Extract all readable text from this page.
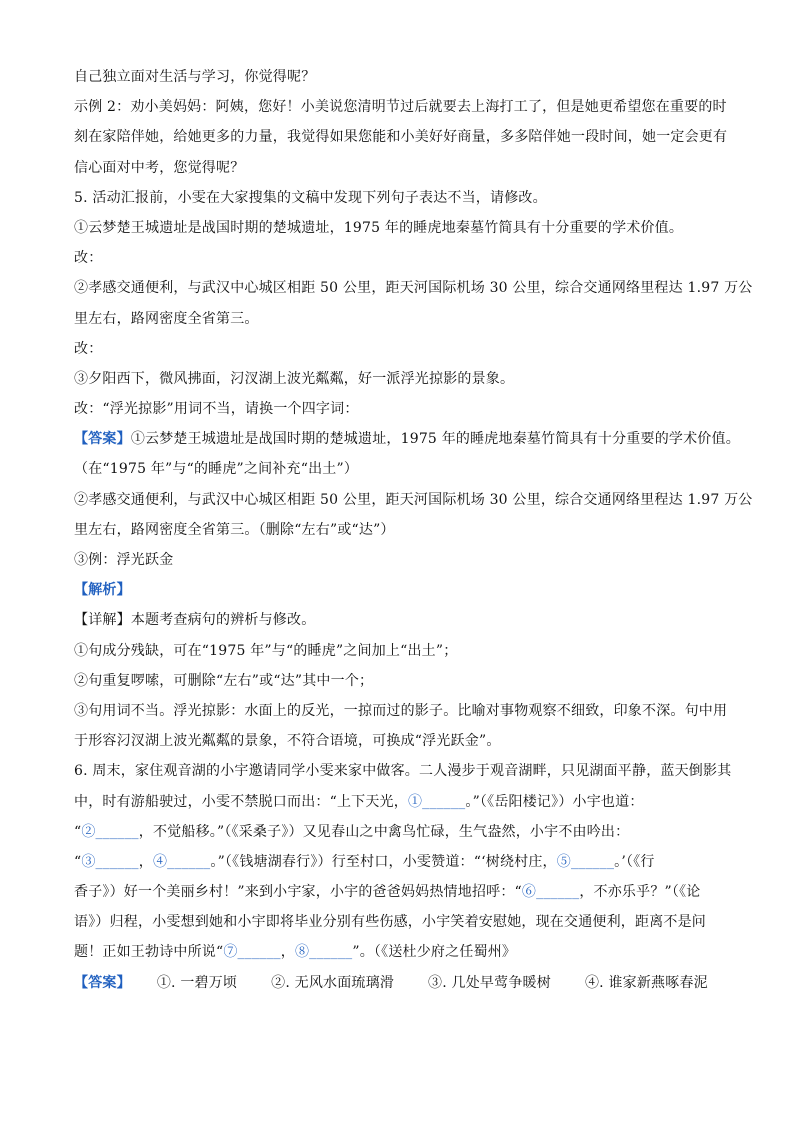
自己独立面对生活与学习，你觉得呢？
示例 2：劝小美妈妈：阿姨，您好！小美说您清明节过后就要去上海打工了，但是她更希望您在重要的时
刻在家陪伴她，给她更多的力量，我觉得如果您能和小美好好商量，多多陪伴她一段时间，她一定会更有
信心面对中考，您觉得呢？
5. 活动汇报前，小雯在大家搜集的文稿中发现下列句子表达不当，请修改。
①云梦楚王城遗址是战国时期的楚城遗址，1975 年的睡虎地秦墓竹简具有十分重要的学术价值。
改：
②孝感交通便利，与武汉中心城区相距 50 公里，距天河国际机场 30 公里，综合交通网络里程达 1.97 万公
里左右，路网密度全省第三。
改：
③夕阳西下，微风拂面，汈汊湖上波光粼粼，好一派浮光掠影的景象。
改：“浮光掠影”用词不当，请换一个四字词：
【答案】①云梦楚王城遗址是战国时期的楚城遗址，1975 年的睡虎地秦墓竹简具有十分重要的学术价值。
（在“1975 年”与“的睡虎”之间补充“出土”）
②孝感交通便利，与武汉中心城区相距 50 公里，距天河国际机场 30 公里，综合交通网络里程达 1.97 万公
里左右，路网密度全省第三。（删除“左右”或“达”）
③例：浮光跃金
【解析】
【详解】本题考查病句的辨析与修改。
①句成分残缺，可在“1975 年”与“的睡虎”之间加上“出土”；
②句重复啰嗦，可删除“左右”或“达”其中一个；
③句用词不当。浮光掠影：水面上的反光，一掠而过的影子。比喻对事物观察不细致，印象不深。句中用
于形容汈汊湖上波光粼粼的景象，不符合语境，可换成“浮光跃金”。
6. 周末，家住观音湖的小宇邀请同学小雯来家中做客。二人漫步于观音湖畔，只见湖面平静，蓝天倒影其
中，时有游船驶过，小雯不禁脱口而出：“上下天光，①______。”（《岳阳楼记》）小宇也道：
“②______，不觉船移。”（《采桑子》）又见春山之中禽鸟忙碌，生气盎然，小宇不由吟出：
“③______，④______。”（《钱塘湖春行》）行至村口，小雯赞道：“‘树绕村庄，⑤______。’（《行
香子》）好一个美丽乡村！”来到小宇家，小宇的爸爸妈妈热情地招呼：“⑥______，不亦乐乎？”（《论
语》）归程，小雯想到她和小宇即将毕业分别有些伤感，小宇笑着安慰她，现在交通便利，距离不是问
题！正如王勃诗中所说“⑦______，⑧______”。（《送杜少府之任蜀州》
【答案】 ①. 一碧万顷 ②. 无风水面琉璃滑 ③. 几处早莺争暖树 ④. 谁家新燕啄春泥
